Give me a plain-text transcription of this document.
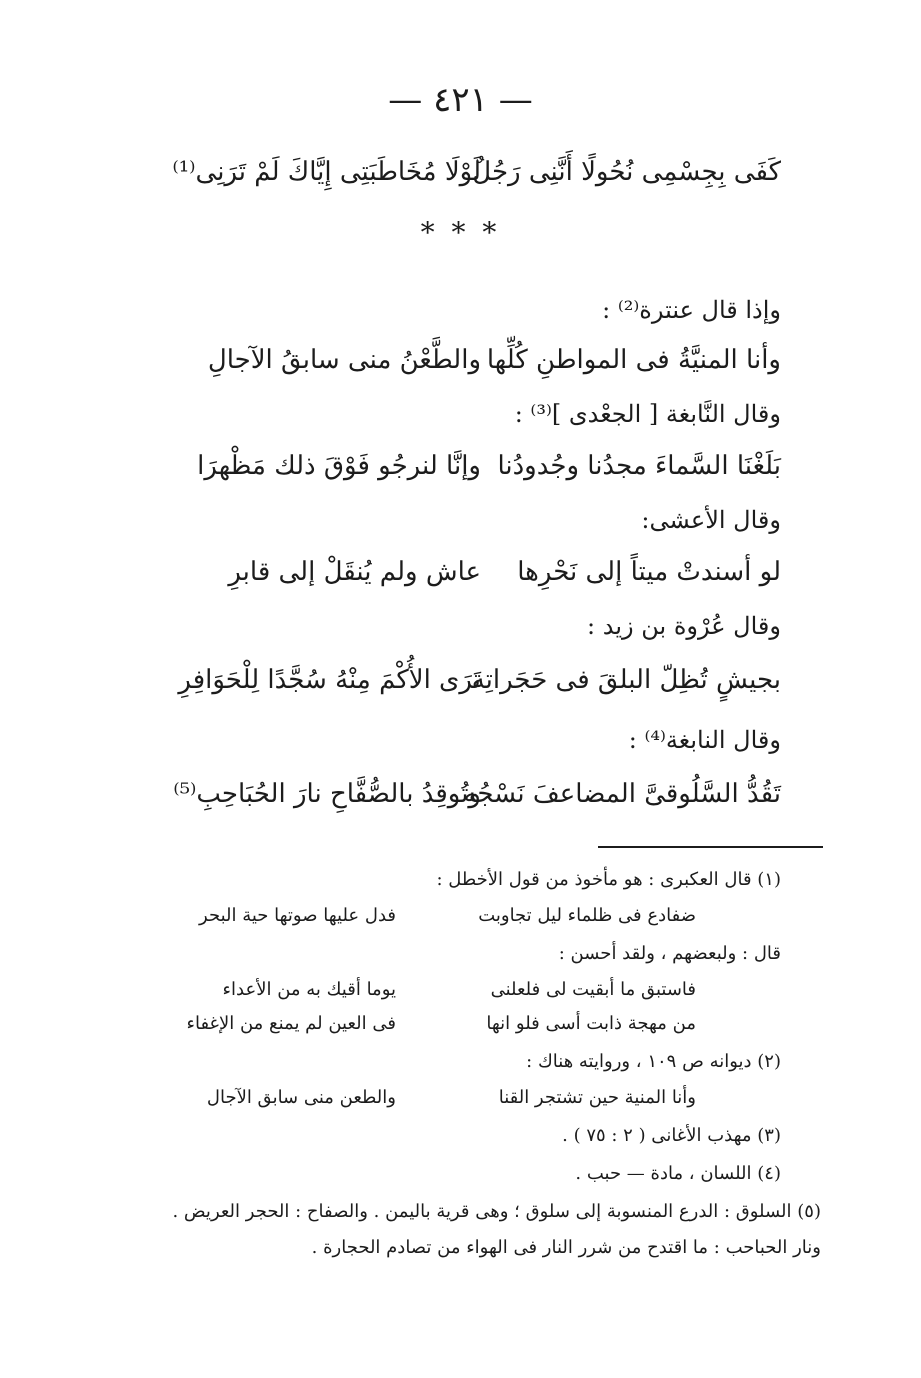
— ٤٢١ —
كَفَى بِجِسْمِى نُحُولًا أَنَّنِى رَجُلٌ
لَوْلَا مُخَاطَبَتِى إِيَّاكَ لَمْ تَرَنِى⁽¹⁾
* * *
وإذا قال عنترة⁽²⁾ :
وأنا المنيَّةُ فى المواطنِ كُلِّها
والطَّعْنُ منى سابقُ الآجالِ
وقال النَّابغة [ الجعْدى ]⁽³⁾ :
بَلَغْنَا السَّماءَ مجدُنا وجُدودُنا
وإنَّا لنرجُو فَوْقَ ذلك مَظْهرَا
وقال الأعشى:
لو أسندتْ ميتاً إلى نَحْرِها
عاش ولم يُنقَلْ إلى قابرِ
وقال عُرْوة بن زيد :
بجيشٍ تُظِلّ البلقَ فى حَجَراتِه
تَرَى الأُكْمَ مِنْهُ سُجَّدًا لِلْحَوَافِرِ
وقال النابغة⁽⁴⁾ :
تَقُدُّ السَّلُوقىَّ المضاعفَ نَسْجُه
وتُوقِدُ بالصُّفَّاحِ نارَ الحُبَاحِبِ⁽⁵⁾
(١) قال العكبرى : هو مأخوذ من قول الأخطل :
ضفادع فى ظلماء ليل تجاوبت
فدل عليها صوتها حية البحر
قال : ولبعضهم ، ولقد أحسن :
فاستبق ما أبقيت لى فلعلنى
يوما أقيك به من الأعداء
من مهجة ذابت أسى فلو انها
فى العين لم يمنع من الإغفاء
(٢) ديوانه ص ١٠٩ ، وروايته هناك :
وأنا المنية حين تشتجر القنا
والطعن منى سابق الآجال
(٣) مهذب الأغانى ( ٢ : ٧٥ ) .
(٤) اللسان ، مادة — حبب .
(٥) السلوق : الدرع المنسوبة إلى سلوق ؛ وهى قرية باليمن . والصفاح : الحجر العريض .
ونار الحباحب : ما اقتدح من شرر النار فى الهواء من تصادم الحجارة .
